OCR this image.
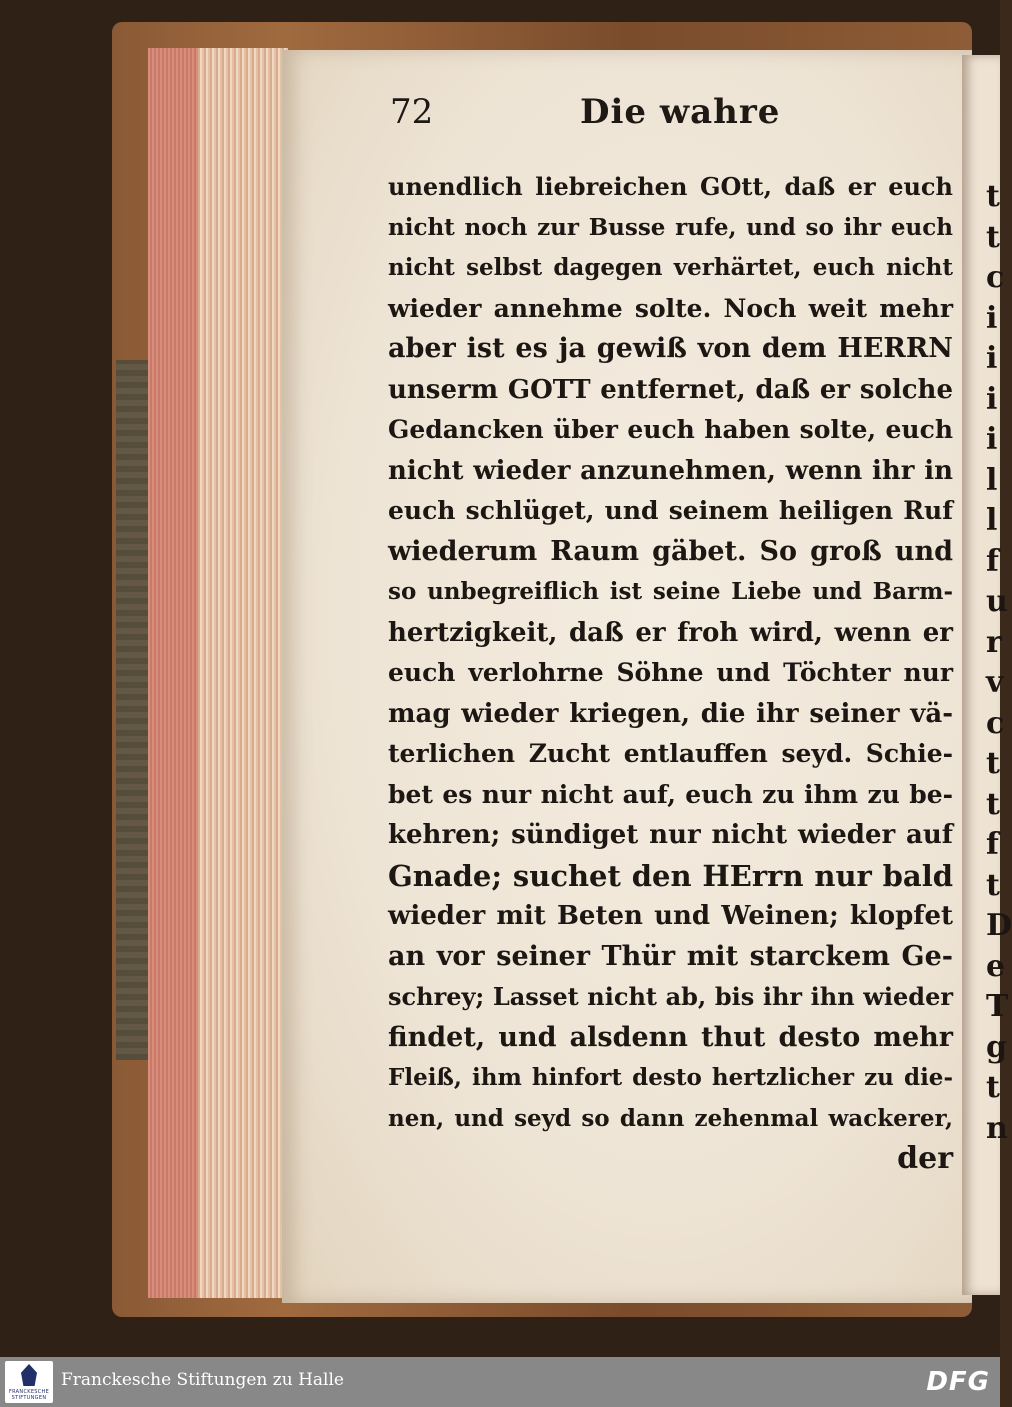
t
t
c
i
i
i
i
l
l
f
u
r
v
c
t
t
f
t
D
e
T
g
t
n
72	Die wahre
unendlich liebreichen GOtt, daß er euch
nicht noch zur Busse rufe, und so ihr euch
nicht selbst dagegen verhärtet, euch nicht
wieder annehme solte. Noch weit mehr
aber ist es ja gewiß von dem HERRN
unserm GOTT entfernet, daß er solche
Gedancken über euch haben solte, euch
nicht wieder anzunehmen, wenn ihr in
euch schlüget, und seinem heiligen Ruf
wiederum Raum gäbet. So groß und
so unbegreiflich ist seine Liebe und Barm-
hertzigkeit, daß er froh wird, wenn er
euch verlohrne Söhne und Töchter nur
mag wieder kriegen, die ihr seiner vä-
terlichen Zucht entlauffen seyd. Schie-
bet es nur nicht auf, euch zu ihm zu be-
kehren; sündiget nur nicht wieder auf
Gnade; suchet den HErrn nur bald
wieder mit Beten und Weinen; klopfet
an vor seiner Thür mit starckem Ge-
schrey; Lasset nicht ab, bis ihr ihn wieder
findet, und alsdenn thut desto mehr
Fleiß, ihm hinfort desto hertzlicher zu die-
nen, und seyd so dann zehenmal wackerer,
der
FRANCKESCHE
STIFTUNGEN
Franckesche Stiftungen zu Halle	DFG
